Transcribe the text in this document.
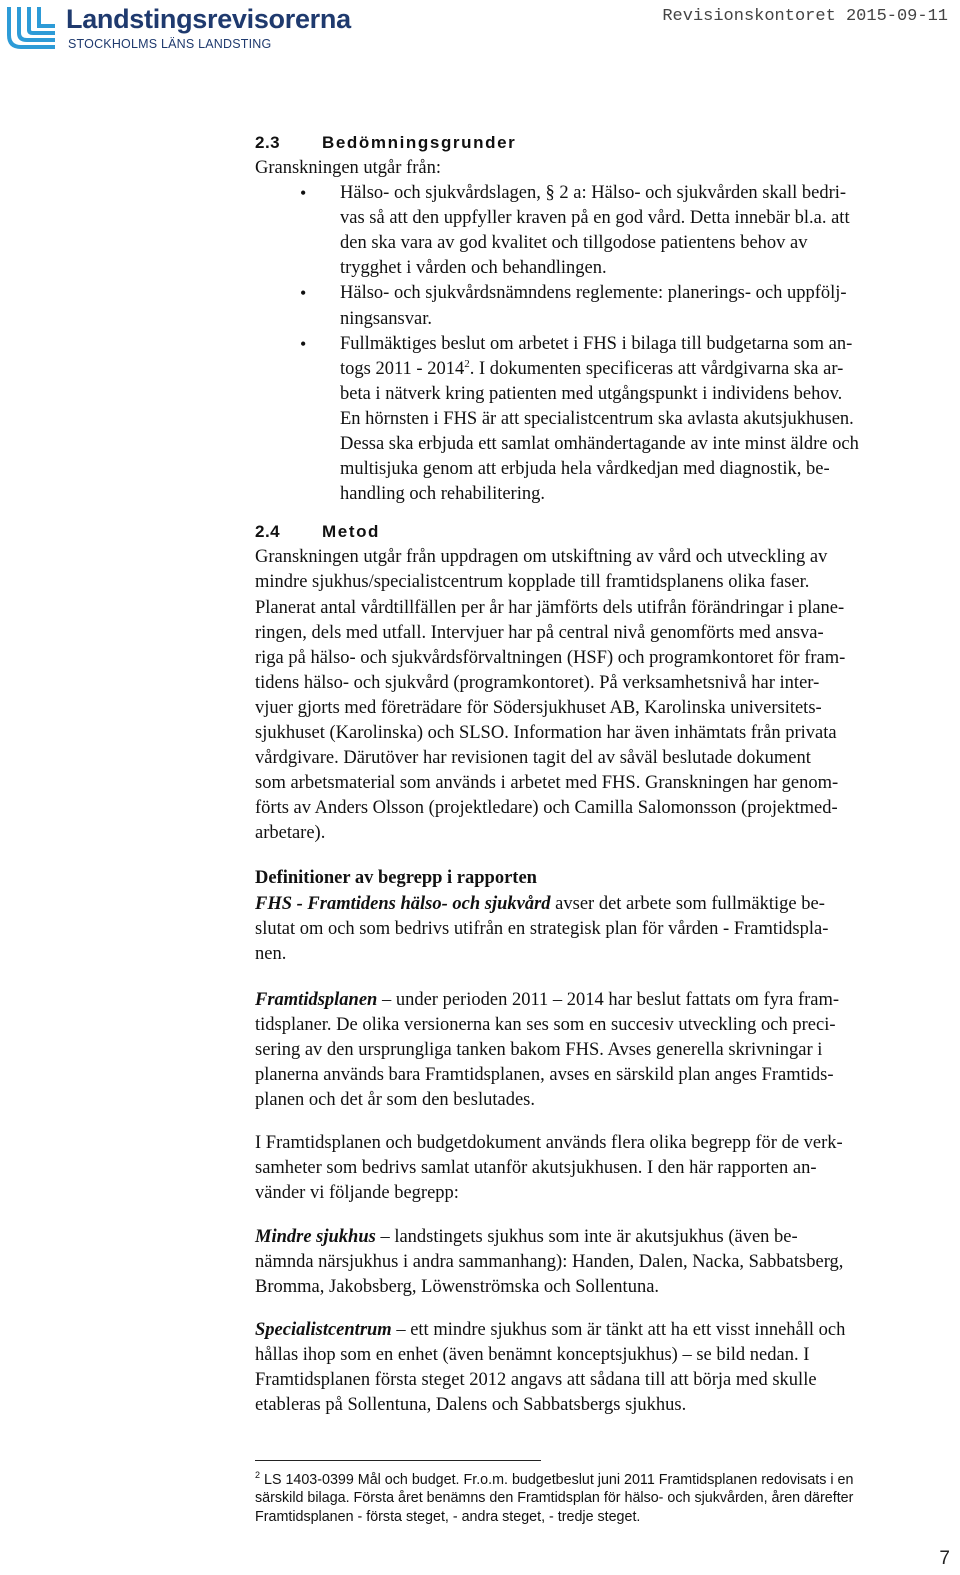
Landstingsrevisorerna
STOCKHOLMS LÄNS LANDSTING
Revisionskontoret 2015-09-11
2.3 Bedömningsgrunder

Granskningen utgår från:

• Hälso- och sjukvårdslagen, § 2 a: Hälso- och sjukvården skall bedri-
vas så att den uppfyller kraven på en god vård. Detta innebär bl.a. att
den ska vara av god kvalitet och tillgodose patientens behov av
trygghet i vården och behandlingen.
• Hälso- och sjukvårdsnämndens reglemente: planerings- och uppfölj-
ningsansvar.
• Fullmäktiges beslut om arbetet i FHS i bilaga till budgetarna som an-
togs 2011 - 2014$^2$. I dokumenten specificeras att vårdgivarna ska ar-
beta i nätverk kring patienten med utgångspunkt i individens behov.
En hörnsten i FHS är att specialistcentrum ska avlasta akutsjukhusen.
Dessa ska erbjuda ett samlat omhändertagande av inte minst äldre och
multisjuka genom att erbjuda hela vårdkedjan med diagnostik, be-
handling och rehabilitering.
2.4 Metod

Granskningen utgår från uppdragen om utskiftning av vård och utveckling av
mindre sjukhus/specialistcentrum kopplade till framtidsplanens olika faser.
Planerat antal vårdtillfällen per år har jämförts dels utifrån förändringar i plane-
ringen, dels med utfall. Intervjuer har på central nivå genomförts med ansva-
riga på hälso- och sjukvårdsförvaltningen (HSF) och programkontoret för fram-
tidens hälso- och sjukvård (programkontoret). På verksamhetsnivå har inter-
vjuer gjorts med företrädare för Södersjukhuset AB, Karolinska universitets-
sjukhuset (Karolinska) och SLSO. Information har även inhämtats från privata
vårdgivare. Därutöver har revisionen tagit del av såväl beslutade dokument
som arbetsmaterial som används i arbetet med FHS. Granskningen har genom-
förts av Anders Olsson (projektledare) och Camilla Salomonsson (projektmed-
arbetare).

Definitioner av begrepp i rapporten

FHS - Framtidens hälso- och sjukvård avser det arbete som fullmäktige be-
slutat om och som bedrivs utifrån en strategisk plan för vården - Framtidspla-
nen.

Framtidsplanen – under perioden 2011 – 2014 har beslut fattats om fyra fram-
tidsplaner. De olika versionerna kan ses som en succesiv utveckling och preci-
sering av den ursprungliga tanken bakom FHS. Avses generella skrivningar i
planerna används bara Framtidsplanen, avses en särskild plan anges Framtids-
planen och det år som den beslutades.

I Framtidsplanen och budgetdokument används flera olika begrepp för de verk-
samheter som bedrivs samlat utanför akutsjukhusen. I den här rapporten an-
vänder vi följande begrepp:

Mindre sjukhus – landstingets sjukhus som inte är akutsjukhus (även be-
nämnda närsjukhus i andra sammanhang): Handen, Dalen, Nacka, Sabbatsberg,
Bromma, Jakobsberg, Löwenströmska och Sollentuna.

Specialistcentrum – ett mindre sjukhus som är tänkt att ha ett visst innehåll och
hållas ihop som en enhet (även benämnt konceptsjukhus) – se bild nedan. I
Framtidsplanen första steget 2012 angavs att sådana till att börja med skulle
etableras på Sollentuna, Dalens och Sabbatsbergs sjukhus.

$^2$ LS 1403-0399 Mål och budget. Fr.o.m. budgetbeslut juni 2011 Framtidsplanen redovisats i en
särskild bilaga. Första året benämns den Framtidsplan för hälso- och sjukvården, åren därefter
Framtidsplanen - första steget, - andra steget, - tredje steget.
7
